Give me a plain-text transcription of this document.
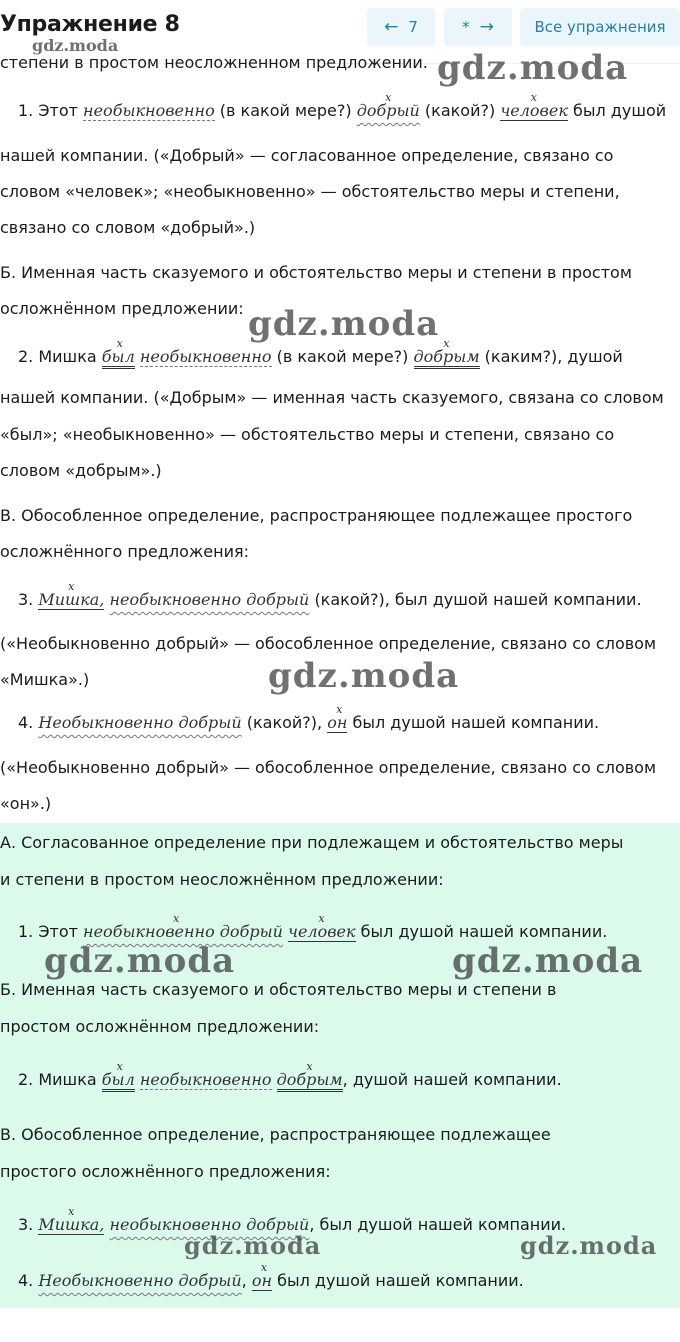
Упражнение 8
gdz.moda
← 7	* →	Все упражнения
степени в простом неосложненном предложении.
1. Этот необыкновенно (в какой мере?) x добрый (какой?) x человек был душой
нашей компании. («Добрый» — согласованное определение, связано со
словом «человек»; «необыкновенно» — обстоятельство меры и степени,
связано со словом «добрый».)
Б. Именная часть сказуемого и обстоятельство меры и степени в простом
осложнённом предложении:
2. Мишка x был необыкновенно (в какой мере?) x добрым (каким?), душой
нашей компании. («Добрым» — именная часть сказуемого, связана со словом
«был»; «необыкновенно» — обстоятельство меры и степени, связано со
словом «добрым».)
В. Обособленное определение, распространяющее подлежащее простого
осложнённого предложения:
3. x Мишка, необыкновенно добрый (какой?), был душой нашей компании.
(«Необыкновенно добрый» — обособленное определение, связано со словом
«Мишка».)
4. Необыкновенно добрый (какой?), x он был душой нашей компании.
(«Необыкновенно добрый» — обособленное определение, связано со словом
«он».)
А. Согласованное определение при подлежащем и обстоятельство меры
и степени в простом неосложнённом предложении:
1. Этот x необыкновенно добрый x человек был душой нашей компании.
Б. Именная часть сказуемого и обстоятельство меры и степени в
простом осложнённом предложении:
2. Мишка x был необыкновенно x добрым, душой нашей компании.
В. Обособленное определение, распространяющее подлежащее
простого осложнённого предложения:
3. x Мишка, необыкновенно добрый, был душой нашей компании.
4. Необыкновенно добрый, x он был душой нашей компании.
gdz.moda
gdz.moda
gdz.moda
gdz.moda	gdz.moda
gdz.moda	gdz.moda
